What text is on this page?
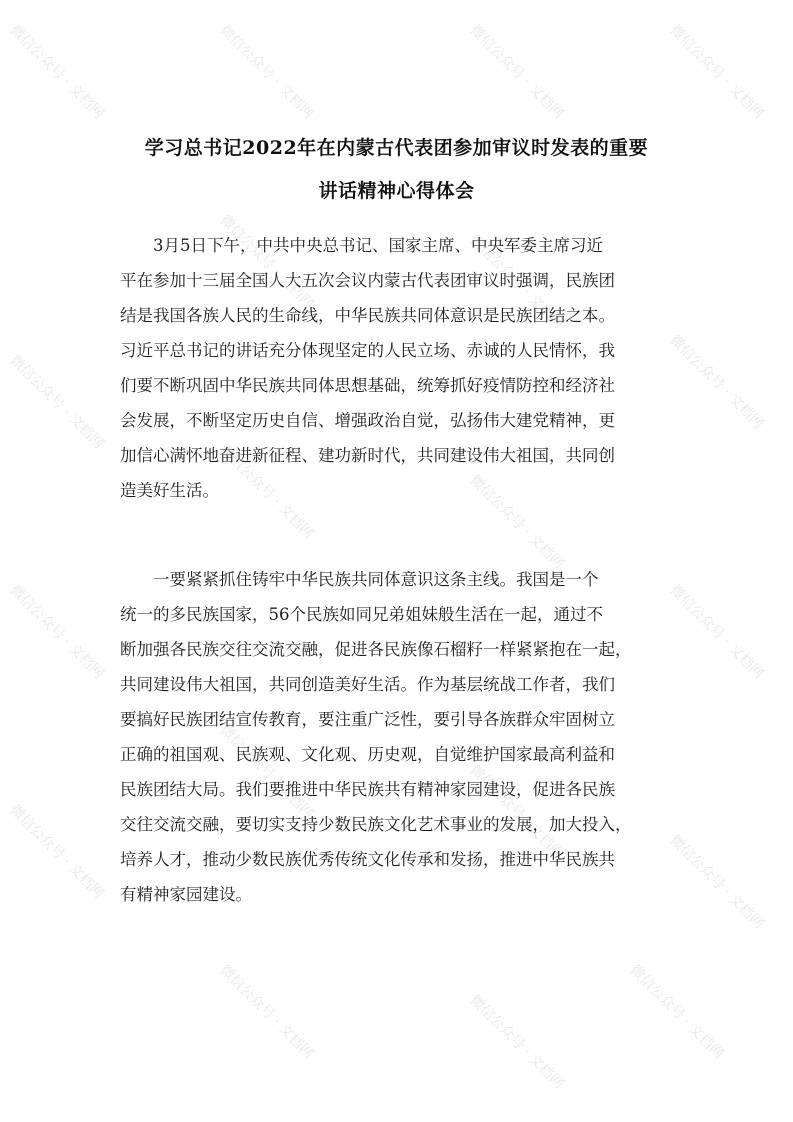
微信公众号 · 文档网	微信公众号 · 文档网	微信公众号 · 文档网	微信公众号 · 文档网
微信公众号 · 文档网
微信公众号 · 文档网	微信公众号 · 文档网
微信公众号 · 文档网
微信公众号 · 文档网
微信公众号 · 文档网	微信公众号 · 文档网
微信公众号 · 文档网
微信公众号 · 文档网
微信公众号 · 文档网	微信公众号 · 文档网
微信公众号 · 文档网
微信公众号 · 文档网	微信公众号 · 文档网	微信公众号 · 文档网
学习总书记2022年在内蒙古代表团参加审议时发表的重要
讲话精神心得体会
　　3月5日下午，中共中央总书记、国家主席、中央军委主席习近
平在参加十三届全国人大五次会议内蒙古代表团审议时强调，民族团
结是我国各族人民的生命线，中华民族共同体意识是民族团结之本。
习近平总书记的讲话充分体现坚定的人民立场、赤诚的人民情怀，我
们要不断巩固中华民族共同体思想基础，统筹抓好疫情防控和经济社
会发展，不断坚定历史自信、增强政治自觉，弘扬伟大建党精神，更
加信心满怀地奋进新征程、建功新时代，共同建设伟大祖国，共同创
造美好生活。
　　一要紧紧抓住铸牢中华民族共同体意识这条主线。我国是一个
统一的多民族国家，56个民族如同兄弟姐妹般生活在一起，通过不
断加强各民族交往交流交融，促进各民族像石榴籽一样紧紧抱在一起，
共同建设伟大祖国，共同创造美好生活。作为基层统战工作者，我们
要搞好民族团结宣传教育，要注重广泛性，要引导各族群众牢固树立
正确的祖国观、民族观、文化观、历史观，自觉维护国家最高利益和
民族团结大局。我们要推进中华民族共有精神家园建设，促进各民族
交往交流交融，要切实支持少数民族文化艺术事业的发展，加大投入，
培养人才，推动少数民族优秀传统文化传承和发扬，推进中华民族共
有精神家园建设。
